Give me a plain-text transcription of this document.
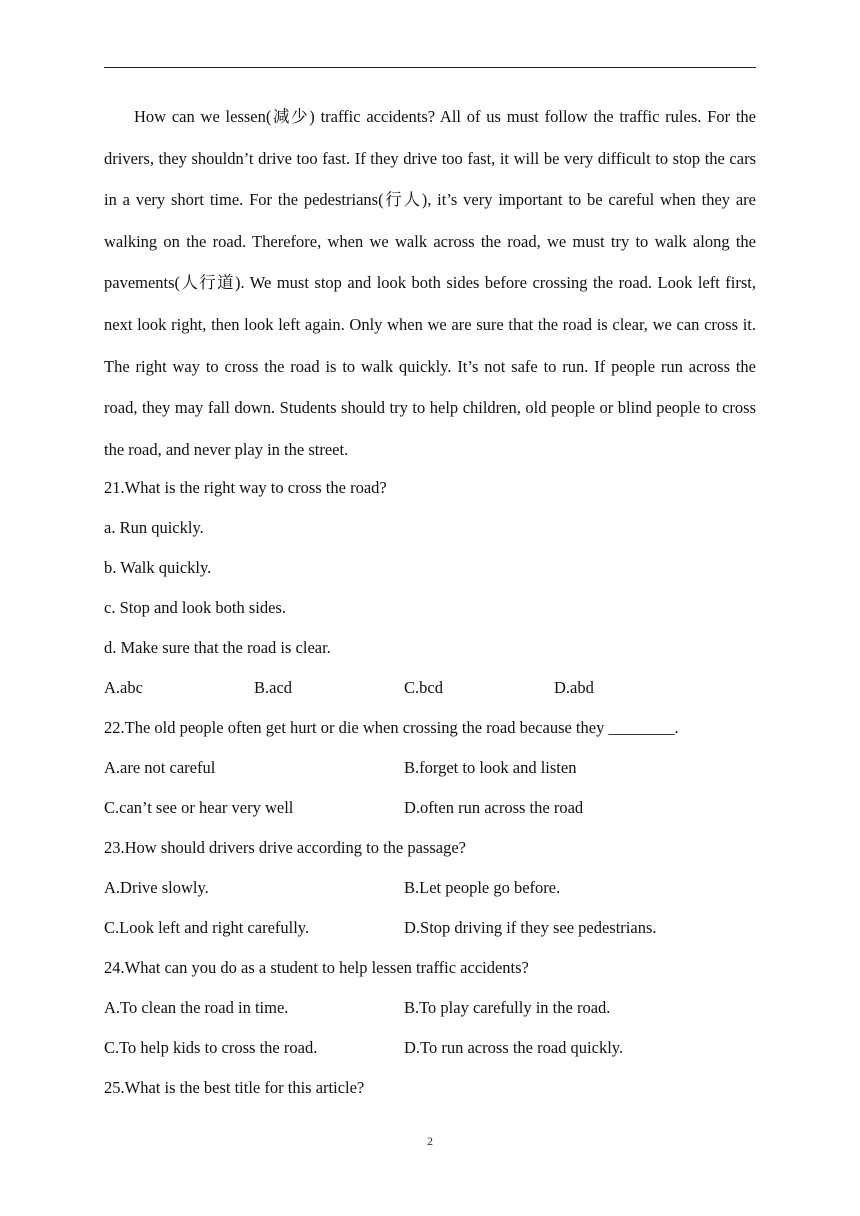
How can we lessen(减少) traffic accidents? All of us must follow the traffic rules. For the drivers, they shouldn’t drive too fast. If they drive too fast, it will be very difficult to stop the cars in a very short time. For the pedestrians(行人), it’s very important to be careful when they are walking on the road. Therefore, when we walk across the road, we must try to walk along the pavements(人行道). We must stop and look both sides before crossing the road. Look left first, next look right, then look left again. Only when we are sure that the road is clear, we can cross it. The right way to cross the road is to walk quickly. It’s not safe to run. If people run across the road, they may fall down. Students should try to help children, old people or blind people to cross the road, and never play in the street.

21.What is the right way to cross the road?
a. Run quickly.
b. Walk quickly.
c. Stop and look both sides.
d. Make sure that the road is clear.
A.abc	B.acd	C.bcd	D.abd
22.The old people often get hurt or die when crossing the road because they ________.
A.are not careful	B.forget to look and listen
C.can’t see or hear very well	D.often run across the road
23.How should drivers drive according to the passage?
A.Drive slowly.	B.Let people go before.
C.Look left and right carefully.	D.Stop driving if they see pedestrians.
24.What can you do as a student to help lessen traffic accidents?
A.To clean the road in time.	B.To play carefully in the road.
C.To help kids to cross the road.	D.To run across the road quickly.
25.What is the best title for this article?
2
